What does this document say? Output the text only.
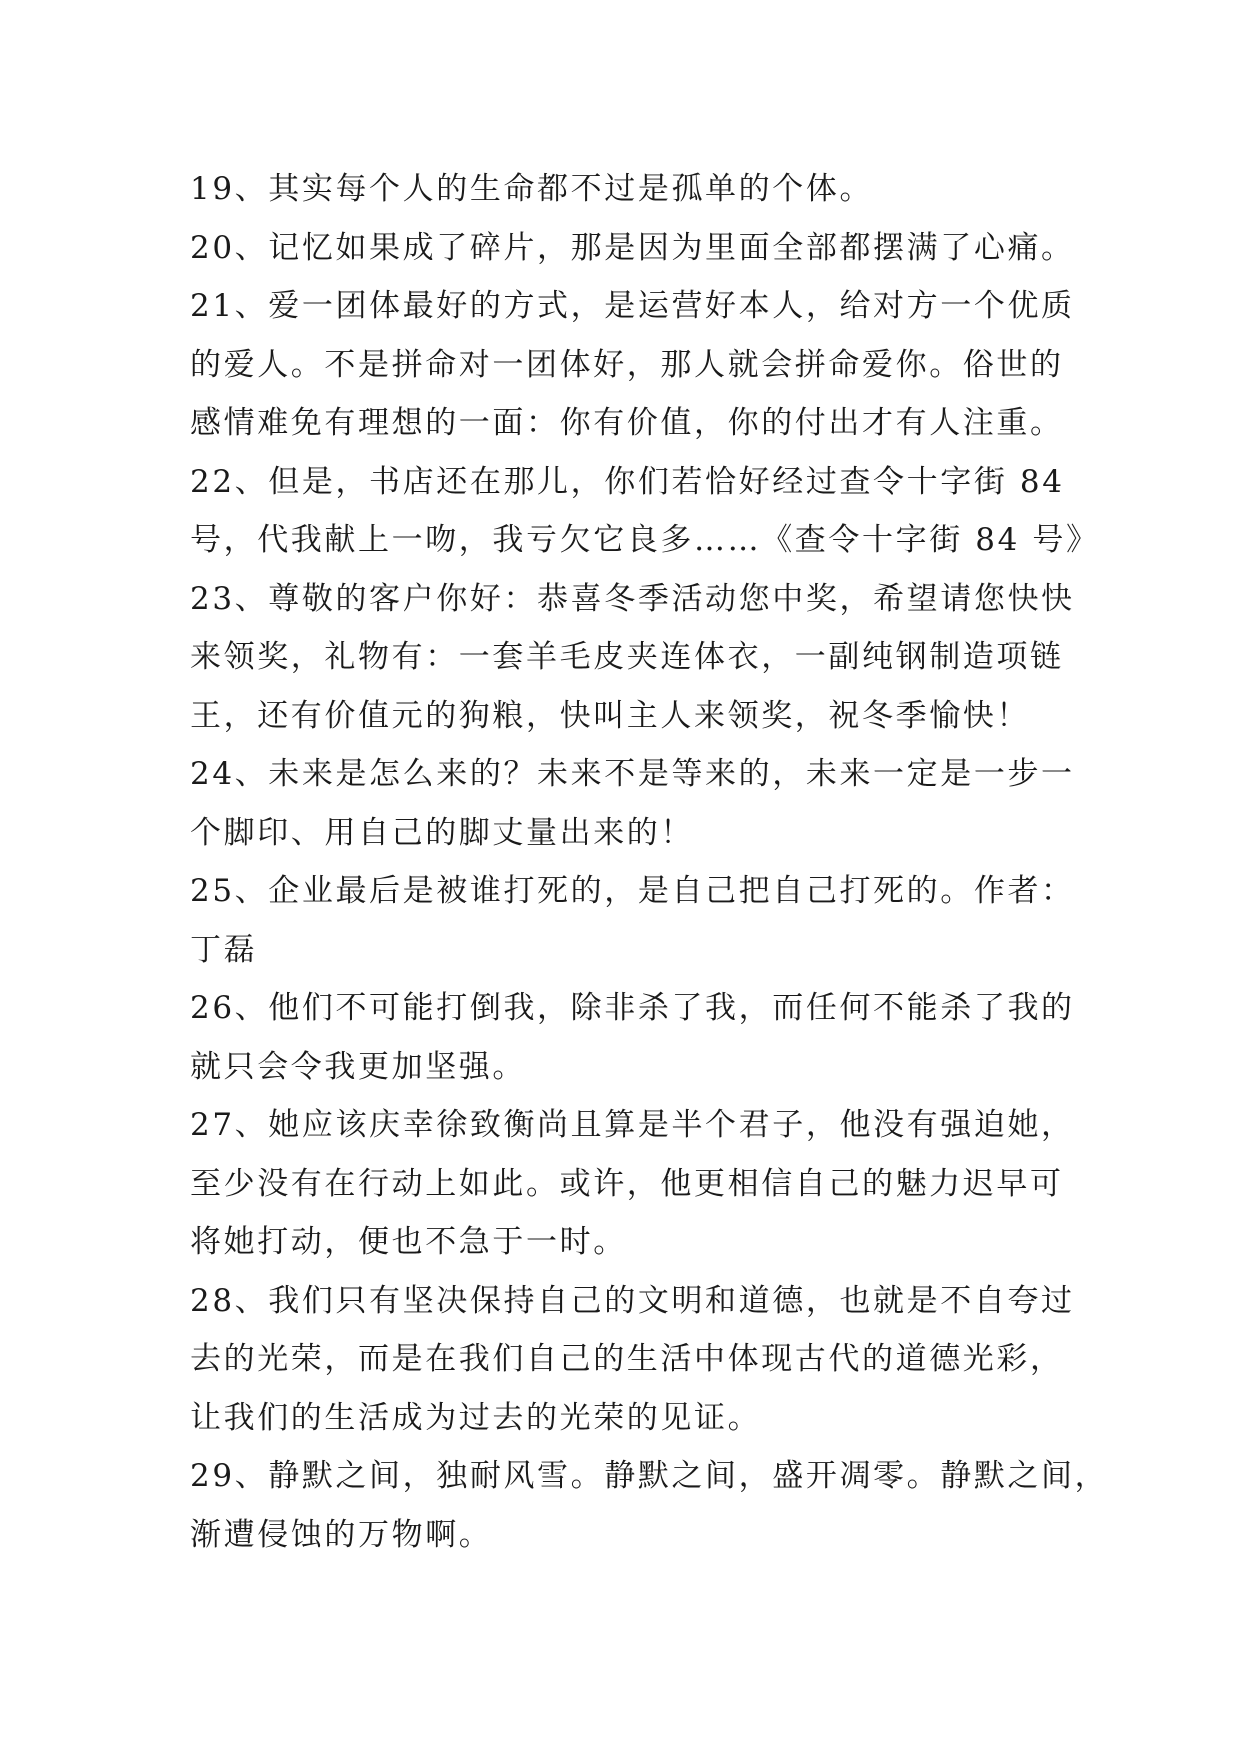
19、其实每个人的生命都不过是孤单的个体。
20、记忆如果成了碎片，那是因为里面全部都摆满了心痛。
21、爱一团体最好的方式，是运营好本人，给对方一个优质
的爱人。不是拼命对一团体好，那人就会拼命爱你。俗世的
感情难免有理想的一面：你有价值，你的付出才有人注重。
22、但是，书店还在那儿，你们若恰好经过查令十字街 84
号，代我献上一吻，我亏欠它良多……《查令十字街 84 号》
23、尊敬的客户你好：恭喜冬季活动您中奖，希望请您快快
来领奖，礼物有：一套羊毛皮夹连体衣，一副纯钢制造项链
王，还有价值元的狗粮，快叫主人来领奖，祝冬季愉快！
24、未来是怎么来的？未来不是等来的，未来一定是一步一
个脚印、用自己的脚丈量出来的！
25、企业最后是被谁打死的，是自己把自己打死的。作者：
丁磊
26、他们不可能打倒我，除非杀了我，而任何不能杀了我的
就只会令我更加坚强。
27、她应该庆幸徐致衡尚且算是半个君子，他没有强迫她，
至少没有在行动上如此。或许，他更相信自己的魅力迟早可
将她打动，便也不急于一时。
28、我们只有坚决保持自己的文明和道德，也就是不自夸过
去的光荣，而是在我们自己的生活中体现古代的道德光彩，
让我们的生活成为过去的光荣的见证。
29、静默之间，独耐风雪。静默之间，盛开凋零。静默之间，
渐遭侵蚀的万物啊。
